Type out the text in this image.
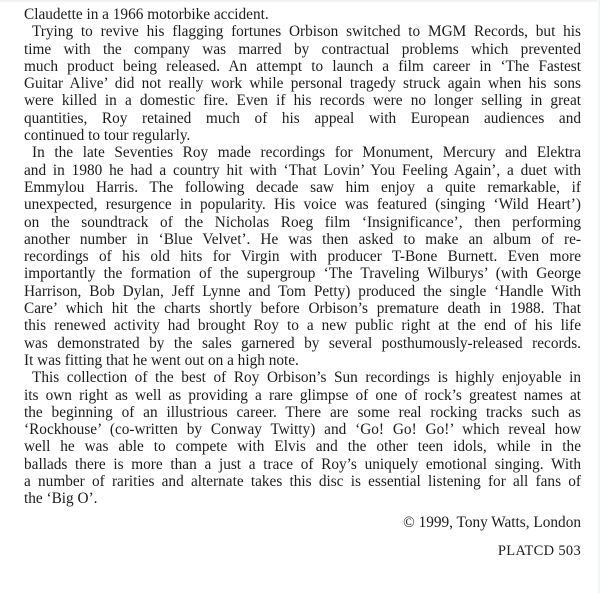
Claudette in a 1966 motorbike accident.
Trying to revive his flagging fortunes Orbison switched to MGM Records, but his
time with the company was marred by contractual problems which prevented
much product being released. An attempt to launch a film career in ‘The Fastest
Guitar Alive’ did not really work while personal tragedy struck again when his sons
were killed in a domestic fire. Even if his records were no longer selling in great
quantities, Roy retained much of his appeal with European audiences and
continued to tour regularly.
In the late Seventies Roy made recordings for Monument, Mercury and Elektra
and in 1980 he had a country hit with ‘That Lovin’ You Feeling Again’, a duet with
Emmylou Harris. The following decade saw him enjoy a quite remarkable, if
unexpected, resurgence in popularity. His voice was featured (singing ‘Wild Heart’)
on the soundtrack of the Nicholas Roeg film ‘Insignificance’, then performing
another number in ‘Blue Velvet’. He was then asked to make an album of re-
recordings of his old hits for Virgin with producer T-Bone Burnett. Even more
importantly the formation of the supergroup ‘The Traveling Wilburys’ (with George
Harrison, Bob Dylan, Jeff Lynne and Tom Petty) produced the single ‘Handle With
Care’ which hit the charts shortly before Orbison’s premature death in 1988. That
this renewed activity had brought Roy to a new public right at the end of his life
was demonstrated by the sales garnered by several posthumously-released records.
It was fitting that he went out on a high note.
This collection of the best of Roy Orbison’s Sun recordings is highly enjoyable in
its own right as well as providing a rare glimpse of one of rock’s greatest names at
the beginning of an illustrious career. There are some real rocking tracks such as
‘Rockhouse’ (co-written by Conway Twitty) and ‘Go! Go! Go!’ which reveal how
well he was able to compete with Elvis and the other teen idols, while in the
ballads there is more than a just a trace of Roy’s uniquely emotional singing. With
a number of rarities and alternate takes this disc is essential listening for all fans of
the ‘Big O’.
© 1999, Tony Watts, London
PLATCD 503
